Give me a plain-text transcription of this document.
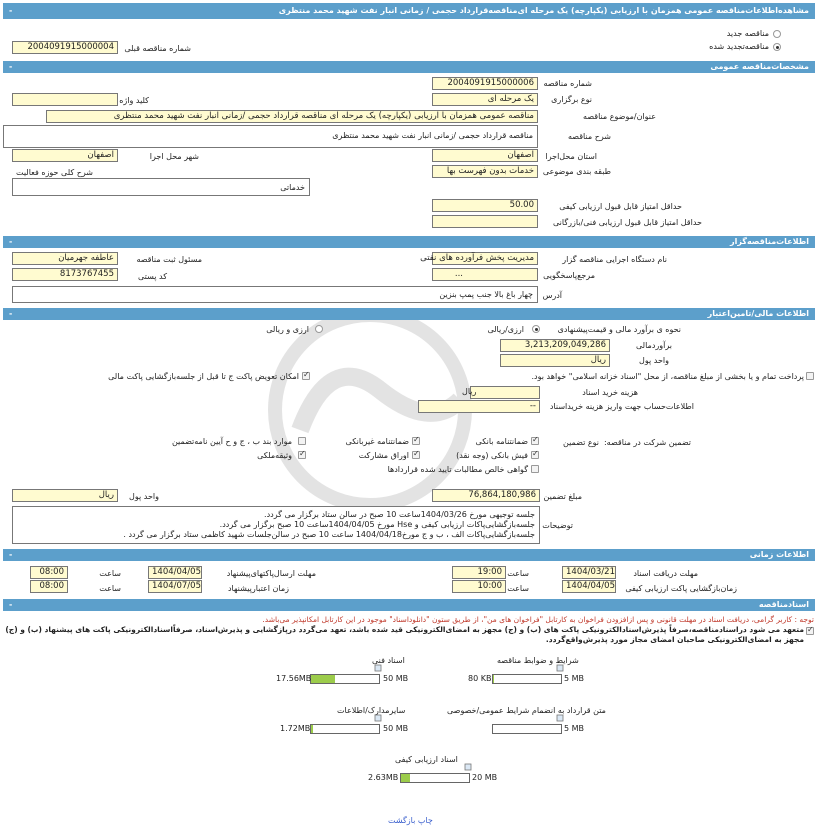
مشاهده‌اطلاعات‌مناقصه عمومی همزمان با ارزیابی (یکپارچه) یک مرحله ای‌مناقصه‌قرارداد حجمی / زمانی انبار نفت شهید محمد منتظری
-
مناقصه جدید
مناقصه‌تجدید شده
2004091915000004	شماره مناقصه قبلی
مشخصات‌مناقصه عمومی
-
2004091915000006	شماره مناقصه
یک مرحله ای	نوع برگزاری
کلید واژه
مناقصه عمومی همزمان با ارزیابی (یکپارچه) یک مرحله ای مناقصه قرارداد حجمی /زمانی انبار نفت شهید محمد منتظری	عنوان/موضوع مناقصه
مناقصه قرارداد حجمی /زمانی انبار نفت شهید محمد منتظری	شرح مناقصه
اصفهان	استان محل‌اجرا
اصفهان	شهر محل اجرا
خدمات بدون فهرست بها	طبقه بندی موضوعی
شرح کلی حوزه فعالیت
خدماتی
50.00	حداقل امتیاز قابل قبول ارزیابی کیفی
حداقل امتیاز قابل قبول ارزیابی فنی/بازرگانی
اطلاعات‌مناقصه‌گزار
-
مدیریت پخش فرآورده های نفتی	نام دستگاه اجرایی مناقصه گزار
عاطفه جهرمیان	مسئول ثبت مناقصه
...	مرجع‌پاسخگویی
8173767455	کد پستی
چهار باغ بالا جنب پمپ بنزین	آدرس
اطلاعات مالی/تامین‌اعتبار
-
نحوه ی برآورد مالی و قیمت‌پیشنهادی
ارزی/ریالی
ارزی و ریالی
3,213,209,049,286	برآوردمالی
ریال	واحد پول
پرداخت تمام و یا بخشی از مبلغ مناقصه، از محل "اسناد خزانه اسلامی" خواهد بود.
✓
امکان تعویض پاکت ج تا قبل از جلسه‌بازگشایی پاکت مالی
ریال	هزینه خرید اسناد
--	اطلاعات‌حساب جهت واریز هزینه خریداسناد
تضمین شرکت در مناقصه:
نوع تضمین
✓
ضمانتنامه بانکی
✓
ضمانتنامه غیربانکی
موارد بند ب ، ج و ح آیین نامه‌تضمین
✓
فیش بانکی (وجه نقد)
✓
اوراق مشارکت
✓
وثیقه‌ملکی
گواهی خالص مطالبات تایید شده قراردادها
76,864,180,986 مبلغ تضمین
ریال	واحد پول
جلسه توجیهی مورخ 1404/03/26ساعت 10 صبح در سالن ستاد برگزار می گردد.
جلسه‌بازگشایی‌پاکات ارزیابی کیفی و Hse مورخ 1404/04/05ساعت 10 صبح برگزار می گردد.
جلسه‌بازگشایی‌پاکات الف ، ب و ج مورخ1404/04/18 ساعت 10 صبح در سالن‌جلسات شهید کاظمی ستاد برگزار می گردد .
توضیحات
اطلاعات زمانی
-
1404/03/21 مهلت دریافت اسناد
19:00 ساعت
1404/04/05	مهلت ارسال‌پاکتهای‌پیشنهاد
08:00	ساعت
1404/04/05 زمان‌بازگشایی پاکت ارزیابی کیفی
10:00 ساعت
1404/07/05	زمان اعتبار‌پیشنهاد
08:00	ساعت
اسنادمناقصه
-
توجه : کاربر گرامی، دریافت اسناد در مهلت قانونی و پس ازافزودن فراخوان به کارتابل "فراخوان های من"، از طریق ستون "دانلوداسناد" موجود در این کارتابل امکانپذیر می‌باشد.
✓
متعهد می شود دراسنادمناقصه،صرفاً پذیرش‌اسنادالکترونیکی پاکت های (ب) و (ج) مجهز به امضای‌الکترونیکی قید شده باشد، تعهد می‌گردد درپازگشایی و پذیرش‌اسناد، صرفاًاسنادالکترونیکی پاکت های پیشنهاد (ب) و (ج) مجهز به امضای‌الکترونیکی صاحبان امضای مجاز مورد پذیرش‌واقع‌گردد.
شرایط و ضوابط مناقصه
5 MB
80 KB
اسناد فنی
50 MB
17.56MB
متن قرارداد به انضمام شرایط عمومی/خصوصی
5 MB
سایرمدارک/اطلاعات
50 MB
1.72MB
اسناد ارزیابی کیفی
20 MB
2.63MB
چاپ بازگشت
